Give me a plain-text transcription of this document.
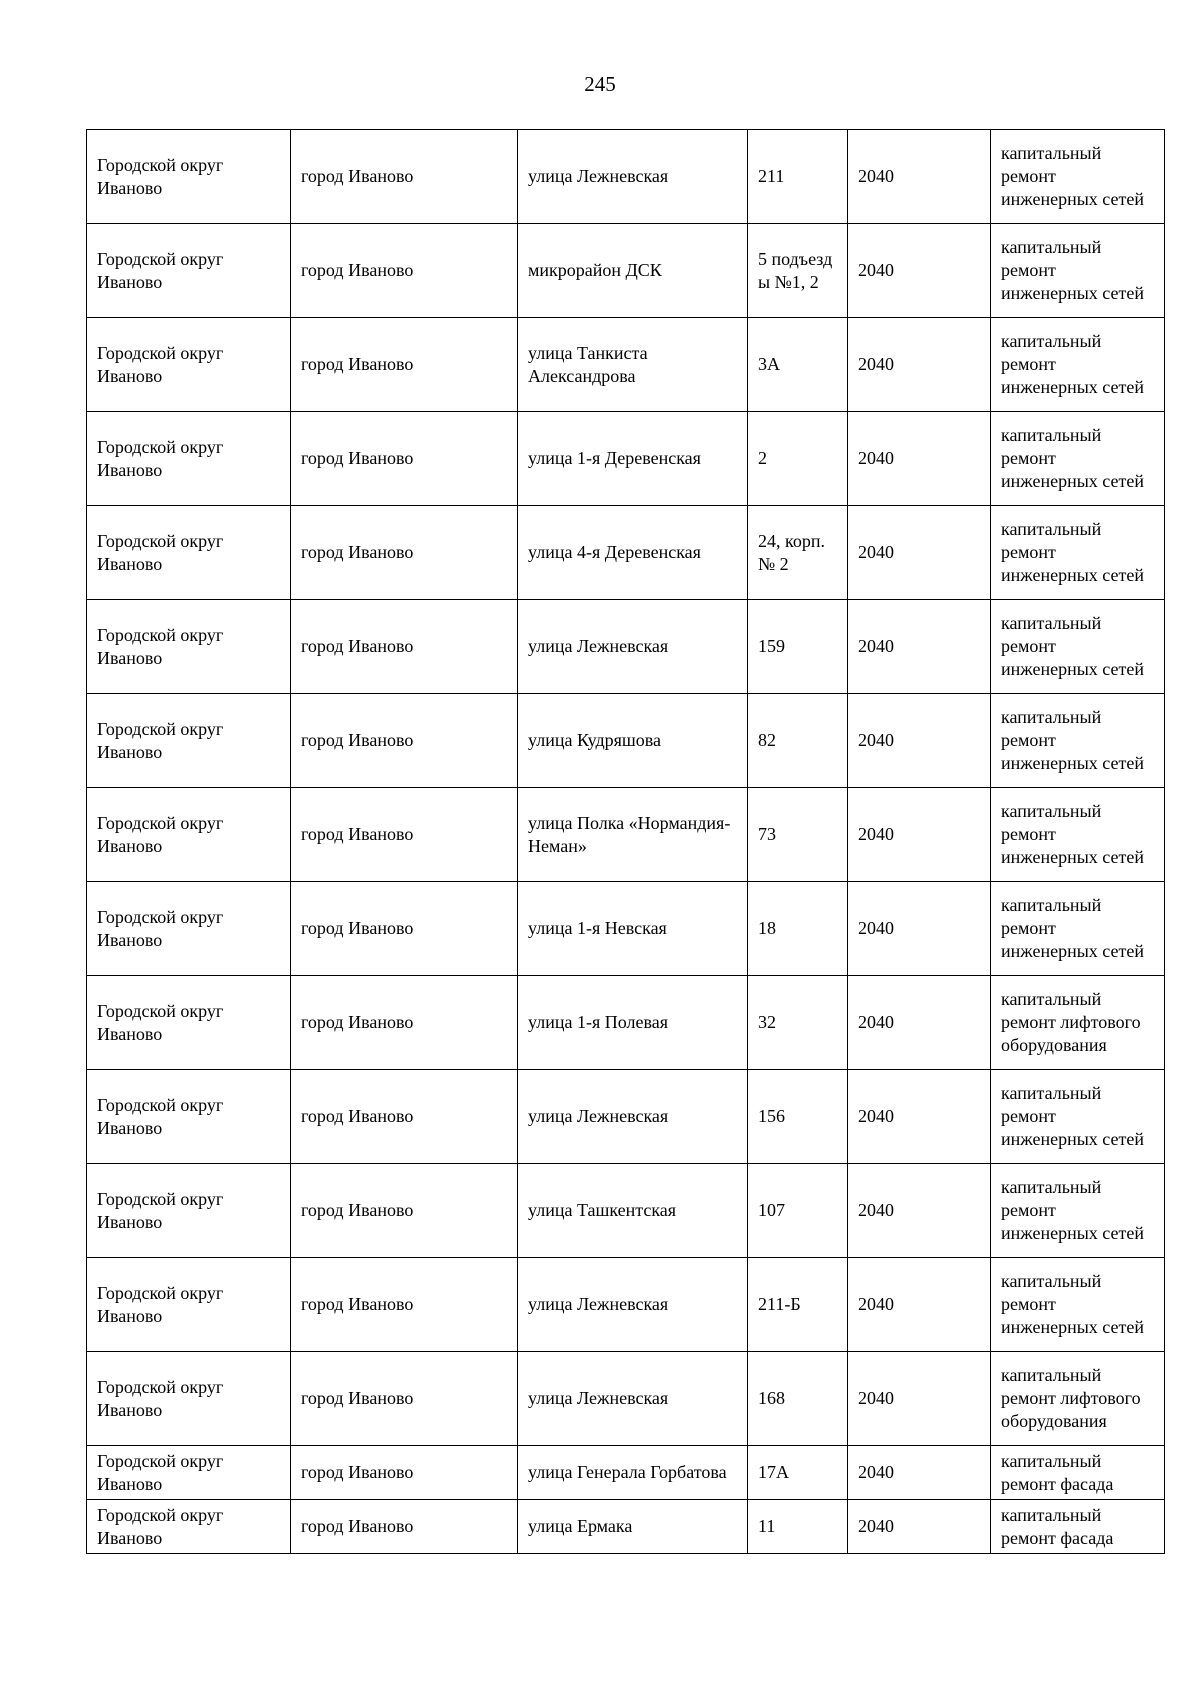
245
Городской округ Иваново	город Иваново	улица Лежневская	211	2040	капитальный ремонт инженерных сетей
Городской округ Иваново	город Иваново	микрорайон ДСК	5 подъезд ы №1, 2	2040	капитальный ремонт инженерных сетей
Городской округ Иваново	город Иваново	улица Танкиста Александрова	3А	2040	капитальный ремонт инженерных сетей
Городской округ Иваново	город Иваново	улица 1-я Деревенская	2	2040	капитальный ремонт инженерных сетей
Городской округ Иваново	город Иваново	улица 4-я Деревенская	24, корп. № 2	2040	капитальный ремонт инженерных сетей
Городской округ Иваново	город Иваново	улица Лежневская	159	2040	капитальный ремонт инженерных сетей
Городской округ Иваново	город Иваново	улица Кудряшова	82	2040	капитальный ремонт инженерных сетей
Городской округ Иваново	город Иваново	улица Полка «Нормандия-Неман»	73	2040	капитальный ремонт инженерных сетей
Городской округ Иваново	город Иваново	улица 1-я Невская	18	2040	капитальный ремонт инженерных сетей
Городской округ Иваново	город Иваново	улица 1-я Полевая	32	2040	капитальный ремонт лифтового оборудования
Городской округ Иваново	город Иваново	улица Лежневская	156	2040	капитальный ремонт инженерных сетей
Городской округ Иваново	город Иваново	улица Ташкентская	107	2040	капитальный ремонт инженерных сетей
Городской округ Иваново	город Иваново	улица Лежневская	211-Б	2040	капитальный ремонт инженерных сетей
Городской округ Иваново	город Иваново	улица Лежневская	168	2040	капитальный ремонт лифтового оборудования
Городской округ Иваново	город Иваново	улица Генерала Горбатова	17А	2040	капитальный ремонт фасада
Городской округ Иваново	город Иваново	улица Ермака	11	2040	капитальный ремонт фасада
